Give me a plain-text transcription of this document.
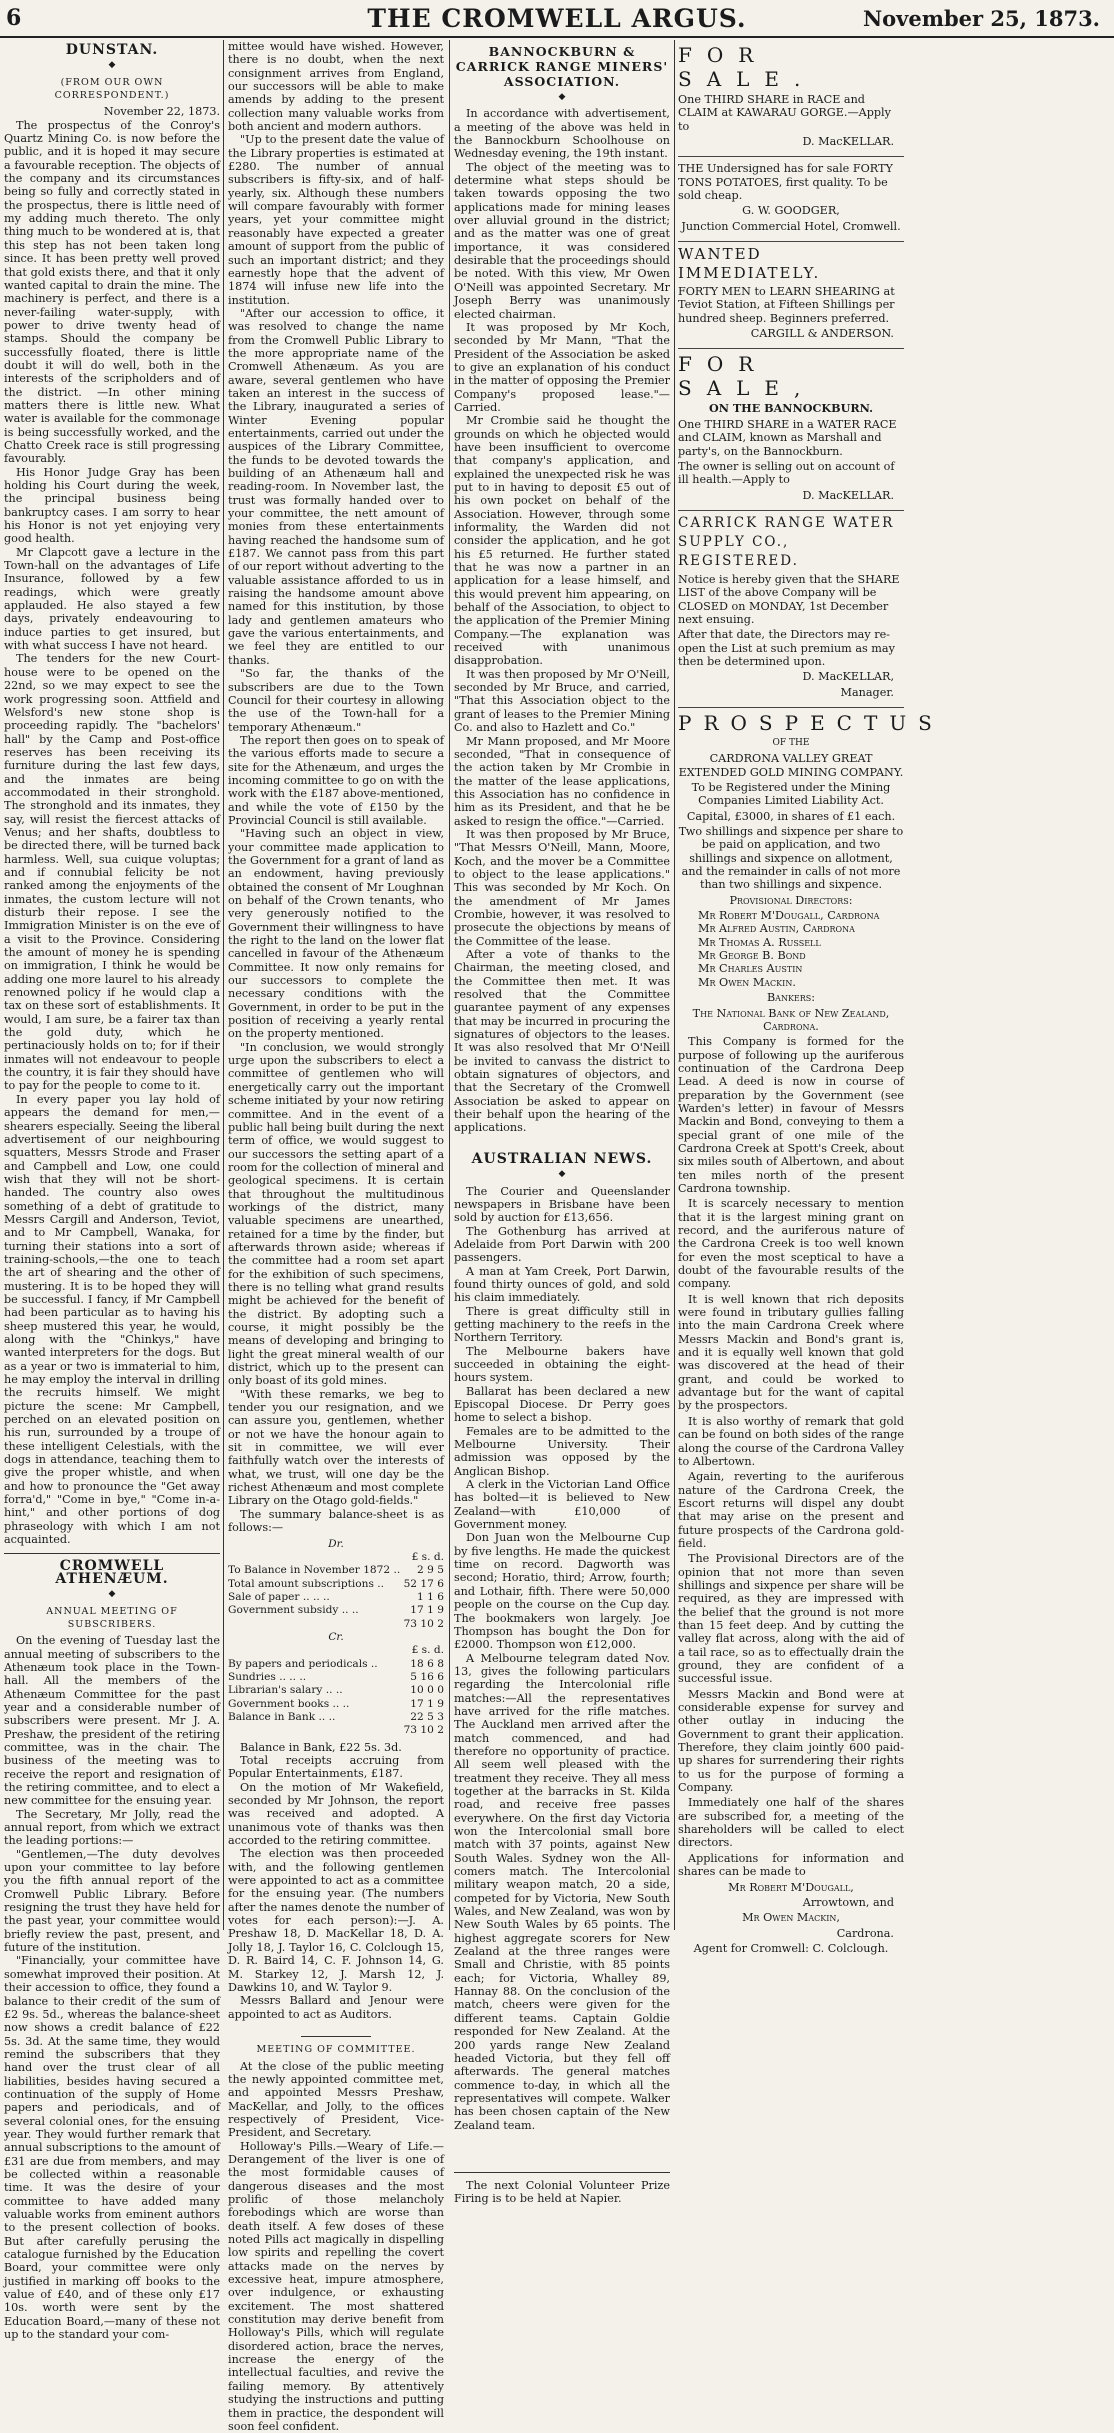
6	THE CROMWELL ARGUS.	November 25, 1873.
DUNSTAN.
◆
(FROM OUR OWN CORRESPONDENT.)

November 22, 1873.

The prospectus of the Conroy's Quartz Mining Co. is now before the public, and it is hoped it may secure a favourable reception. The objects of the company and its circumstances being so fully and correctly stated in the prospectus, there is little need of my adding much thereto. The only thing much to be wondered at is, that this step has not been taken long since. It has been pretty well proved that gold exists there, and that it only wanted capital to drain the mine. The machinery is perfect, and there is a never-failing water-supply, with power to drive twenty head of stamps. Should the company be successfully floated, there is little doubt it will do well, both in the interests of the scripholders and of the district. —In other mining matters there is little new. What water is available for the commonage is being successfully worked, and the Chatto Creek race is still progressing favourably.

His Honor Judge Gray has been holding his Court during the week, the principal business being bankruptcy cases. I am sorry to hear his Honor is not yet enjoying very good health.

Mr Clapcott gave a lecture in the Town-hall on the advantages of Life Insurance, followed by a few readings, which were greatly applauded. He also stayed a few days, privately endeavouring to induce parties to get insured, but with what success I have not heard.

The tenders for the new Court-house were to be opened on the 22nd, so we may expect to see the work progressing soon. Attfield and Welsford's new stone shop is proceeding rapidly. The "bachelors' hall" by the Camp and Post-office reserves has been receiving its furniture during the last few days, and the inmates are being accommodated in their stronghold. The stronghold and its inmates, they say, will resist the fiercest attacks of Venus; and her shafts, doubtless to be directed there, will be turned back harmless. Well, sua cuique voluptas; and if connubial felicity be not ranked among the enjoyments of the inmates, the custom lecture will not disturb their repose. I see the Immigration Minister is on the eve of a visit to the Province. Considering the amount of money he is spending on immigration, I think he would be adding one more laurel to his already renowned policy if he would clap a tax on these sort of establishments. It would, I am sure, be a fairer tax than the gold duty, which he pertinaciously holds on to; for if their inmates will not endeavour to people the country, it is fair they should have to pay for the people to come to it.

In every paper you lay hold of appears the demand for men,—shearers especially. Seeing the liberal advertisement of our neighbouring squatters, Messrs Strode and Fraser and Campbell and Low, one could wish that they will not be short-handed. The country also owes something of a debt of gratitude to Messrs Cargill and Anderson, Teviot, and to Mr Campbell, Wanaka, for turning their stations into a sort of training-schools,—the one to teach the art of shearing and the other of mustering. It is to be hoped they will be successful. I fancy, if Mr Campbell had been particular as to having his sheep mustered this year, he would, along with the "Chinkys," have wanted interpreters for the dogs. But as a year or two is immaterial to him, he may employ the interval in drilling the recruits himself. We might picture the scene: Mr Campbell, perched on an elevated position on his run, surrounded by a troupe of these intelligent Celestials, with the dogs in attendance, teaching them to give the proper whistle, and when and how to pronounce the "Get away forra'd," "Come in bye," "Come in-a-hint," and other portions of dog phraseology with which I am not acquainted.

CROMWELL ATHENÆUM.
◆
ANNUAL MEETING OF SUBSCRIBERS.

On the evening of Tuesday last the annual meeting of subscribers to the Athenæum took place in the Town-hall. All the members of the Athenæum Committee for the past year and a considerable number of subscribers were present. Mr J. A. Preshaw, the president of the retiring committee, was in the chair. The business of the meeting was to receive the report and resignation of the retiring committee, and to elect a new committee for the ensuing year.

The Secretary, Mr Jolly, read the annual report, from which we extract the leading portions:—

"Gentlemen,—The duty devolves upon your committee to lay before you the fifth annual report of the Cromwell Public Library. Before resigning the trust they have held for the past year, your committee would briefly review the past, present, and future of the institution.

"Financially, your committee have somewhat improved their position. At their accession to office, they found a balance to their credit of the sum of £2 9s. 5d., whereas the balance-sheet now shows a credit balance of £22 5s. 3d. At the same time, they would remind the subscribers that they hand over the trust clear of all liabilities, besides having secured a continuation of the supply of Home papers and periodicals, and of several colonial ones, for the ensuing year. They would further remark that annual subscriptions to the amount of £31 are due from members, and may be collected within a reasonable time. It was the desire of your committee to have added many valuable works from eminent authors to the present collection of books. But after carefully perusing the catalogue furnished by the Education Board, your committee were only justified in marking off books to the value of £40, and of these only £17 10s. worth were sent by the Education Board,—many of these not up to the standard your com-

mittee would have wished. However, there is no doubt, when the next consignment arrives from England, our successors will be able to make amends by adding to the present collection many valuable works from both ancient and modern authors.

"Up to the present date the value of the Library properties is estimated at £280. The number of annual subscribers is fifty-six, and of half-yearly, six. Although these numbers will compare favourably with former years, yet your committee might reasonably have expected a greater amount of support from the public of such an important district; and they earnestly hope that the advent of 1874 will infuse new life into the institution.

"After our accession to office, it was resolved to change the name from the Cromwell Public Library to the more appropriate name of the Cromwell Athenæum. As you are aware, several gentlemen who have taken an interest in the success of the Library, inaugurated a series of Winter Evening popular entertainments, carried out under the auspices of the Library Committee, the funds to be devoted towards the building of an Athenæum hall and reading-room. In November last, the trust was formally handed over to your committee, the nett amount of monies from these entertainments having reached the handsome sum of £187. We cannot pass from this part of our report without adverting to the valuable assistance afforded to us in raising the handsome amount above named for this institution, by those lady and gentlemen amateurs who gave the various entertainments, and we feel they are entitled to our thanks.

"So far, the thanks of the subscribers are due to the Town Council for their courtesy in allowing the use of the Town-hall for a temporary Athenæum."

The report then goes on to speak of the various efforts made to secure a site for the Athenæum, and urges the incoming committee to go on with the work with the £187 above-mentioned, and while the vote of £150 by the Provincial Council is still available.

"Having such an object in view, your committee made application to the Government for a grant of land as an endowment, having previously obtained the consent of Mr Loughnan on behalf of the Crown tenants, who very generously notified to the Government their willingness to have the right to the land on the lower flat cancelled in favour of the Athenæum Committee. It now only remains for our successors to complete the necessary conditions with the Government, in order to be put in the position of receiving a yearly rental on the property mentioned.

"In conclusion, we would strongly urge upon the subscribers to elect a committee of gentlemen who will energetically carry out the important scheme initiated by your now retiring committee. And in the event of a public hall being built during the next term of office, we would suggest to our successors the setting apart of a room for the collection of mineral and geological specimens. It is certain that throughout the multitudinous workings of the district, many valuable specimens are unearthed, retained for a time by the finder, but afterwards thrown aside; whereas if the committee had a room set apart for the exhibition of such specimens, there is no telling what grand results might be achieved for the benefit of the district. By adopting such a course, it might possibly be the means of developing and bringing to light the great mineral wealth of our district, which up to the present can only boast of its gold mines.

"With these remarks, we beg to tender you our resignation, and we can assure you, gentlemen, whether or not we have the honour again to sit in committee, we will ever faithfully watch over the interests of what, we trust, will one day be the richest Athenæum and most complete Library on the Otago gold-fields."

The summary balance-sheet is as follows:—

Dr.
£ s. d.
To Balance in November 1872 .. 2 9 5
Total amount subscriptions .. 52 17 6
Sale of paper .. .. ..	1 1 6
Government subsidy .. ..	17 1 9
73 10 2
Cr.
£ s. d.
By papers and periodicals ..	18 6 8
Sundries .. .. ..	5 16 6
Librarian's salary .. ..	10 0 0
Government books .. ..	17 1 9
Balance in Bank .. ..	22 5 3
73 10 2

Balance in Bank, £22 5s. 3d.

Total receipts accruing from Popular Entertainments, £187.

On the motion of Mr Wakefield, seconded by Mr Johnson, the report was received and adopted. A unanimous vote of thanks was then accorded to the retiring committee.

The election was then proceeded with, and the following gentlemen were appointed to act as a committee for the ensuing year. (The numbers after the names denote the number of votes for each person):—J. A. Preshaw 18, D. MacKellar 18, D. A. Jolly 18, J. Taylor 16, C. Colclough 15, D. R. Baird 14, C. F. Johnson 14, G. M. Starkey 12, J. Marsh 12, J. Dawkins 10, and W. Taylor 9.

Messrs Ballard and Jenour were appointed to act as Auditors.

MEETING OF COMMITTEE.

At the close of the public meeting the newly appointed committee met, and appointed Messrs Preshaw, MacKellar, and Jolly, to the offices respectively of President, Vice-President, and Secretary.

Holloway's Pills.—Weary of Life.—Derangement of the liver is one of the most formidable causes of dangerous diseases and the most prolific of those melancholy forebodings which are worse than death itself. A few doses of these noted Pills act magically in dispelling low spirits and repelling the covert attacks made on the nerves by excessive heat, impure atmosphere, over indulgence, or exhausting excitement. The most shattered constitution may derive benefit from Holloway's Pills, which will regulate disordered action, brace the nerves, increase the energy of the intellectual faculties, and revive the failing memory. By attentively studying the instructions and putting them in practice, the despondent will soon feel confident.

BANNOCKBURN & CARRICK RANGE MINERS' ASSOCIATION.
◆

In accordance with advertisement, a meeting of the above was held in the Bannockburn Schoolhouse on Wednesday evening, the 19th instant.

The object of the meeting was to determine what steps should be taken towards opposing the two applications made for mining leases over alluvial ground in the district; and as the matter was one of great importance, it was considered desirable that the proceedings should be noted. With this view, Mr Owen O'Neill was appointed Secretary. Mr Joseph Berry was unanimously elected chairman.

It was proposed by Mr Koch, seconded by Mr Mann, "That the President of the Association be asked to give an explanation of his conduct in the matter of opposing the Premier Company's proposed lease."—Carried.

Mr Crombie said he thought the grounds on which he objected would have been insufficient to overcome that company's application, and explained the unexpected risk he was put to in having to deposit £5 out of his own pocket on behalf of the Association. However, through some informality, the Warden did not consider the application, and he got his £5 returned. He further stated that he was now a partner in an application for a lease himself, and this would prevent him appearing, on behalf of the Association, to object to the application of the Premier Mining Company.—The explanation was received with unanimous disapprobation.

It was then proposed by Mr O'Neill, seconded by Mr Bruce, and carried, "That this Association object to the grant of leases to the Premier Mining Co. and also to Hazlett and Co."

Mr Mann proposed, and Mr Moore seconded, "That in consequence of the action taken by Mr Crombie in the matter of the lease applications, this Association has no confidence in him as its President, and that he be asked to resign the office."—Carried.

It was then proposed by Mr Bruce, "That Messrs O'Neill, Mann, Moore, Koch, and the mover be a Committee to object to the lease applications." This was seconded by Mr Koch. On the amendment of Mr James Crombie, however, it was resolved to prosecute the objections by means of the Committee of the lease.

After a vote of thanks to the Chairman, the meeting closed, and the Committee then met. It was resolved that the Committee guarantee payment of any expenses that may be incurred in procuring the signatures of objectors to the leases. It was also resolved that Mr O'Neill be invited to canvass the district to obtain signatures of objectors, and that the Secretary of the Cromwell Association be asked to appear on their behalf upon the hearing of the applications.

AUSTRALIAN NEWS.
◆

The Courier and Queenslander newspapers in Brisbane have been sold by auction for £13,656.

The Gothenburg has arrived at Adelaide from Port Darwin with 200 passengers.

A man at Yam Creek, Port Darwin, found thirty ounces of gold, and sold his claim immediately.

There is great difficulty still in getting machinery to the reefs in the Northern Territory.

The Melbourne bakers have succeeded in obtaining the eight-hours system.

Ballarat has been declared a new Episcopal Diocese. Dr Perry goes home to select a bishop.

Females are to be admitted to the Melbourne University. Their admission was opposed by the Anglican Bishop.

A clerk in the Victorian Land Office has bolted—it is believed to New Zealand—with £10,000 of Government money.

Don Juan won the Melbourne Cup by five lengths. He made the quickest time on record. Dagworth was second; Horatio, third; Arrow, fourth; and Lothair, fifth. There were 50,000 people on the course on the Cup day. The bookmakers won largely. Joe Thompson has bought the Don for £2000. Thompson won £12,000.

A Melbourne telegram dated Nov. 13, gives the following particulars regarding the Intercolonial rifle matches:—All the representatives have arrived for the rifle matches. The Auckland men arrived after the match commenced, and had therefore no opportunity of practice. All seem well pleased with the treatment they receive. They all mess together at the barracks in St. Kilda road, and receive free passes everywhere. On the first day Victoria won the Intercolonial small bore match with 37 points, against New South Wales. Sydney won the All-comers match. The Intercolonial military weapon match, 20 a side, competed for by Victoria, New South Wales, and New Zealand, was won by New South Wales by 65 points. The highest aggregate scorers for New Zealand at the three ranges were Small and Christie, with 85 points each; for Victoria, Whalley 89, Hannay 88. On the conclusion of the match, cheers were given for the different teams. Captain Goldie responded for New Zealand. At the 200 yards range New Zealand headed Victoria, but they fell off afterwards. The general matches commence to-day, in which all the representatives will compete. Walker has been chosen captain of the New Zealand team.

The next Colonial Volunteer Prize Firing is to be held at Napier.

FOR SALE.

One THIRD SHARE in RACE and CLAIM at KAWARAU GORGE.—Apply to

D. MacKELLAR.

THE Undersigned has for sale FORTY TONS POTATOES, first quality. To be sold cheap.

G. W. GOODGER,

Junction Commercial Hotel, Cromwell.

WANTED IMMEDIATELY.

FORTY MEN to LEARN SHEARING at Teviot Station, at Fifteen Shillings per hundred sheep. Beginners preferred.

CARGILL & ANDERSON.

FOR SALE,

ON THE BANNOCKBURN.

One THIRD SHARE in a WATER RACE and CLAIM, known as Marshall and party's, on the Bannockburn.

The owner is selling out on account of ill health.—Apply to

D. MacKELLAR.

CARRICK RANGE WATER SUPPLY CO., REGISTERED.

Notice is hereby given that the SHARE LIST of the above Company will be CLOSED on MONDAY, 1st December next ensuing.

After that date, the Directors may re-open the List at such premium as may then be determined upon.

D. MacKELLAR,

Manager.

PROSPECTUS

OF THE

CARDRONA VALLEY GREAT EXTENDED GOLD MINING COMPANY.

To be Registered under the Mining Companies Limited Liability Act.

Capital, £3000, in shares of £1 each.

Two shillings and sixpence per share to be paid on application, and two shillings and sixpence on allotment, and the remainder in calls of not more than two shillings and sixpence.

Provisional Directors:

Mr Robert M'Dougall, Cardrona
Mr Alfred Austin, Cardrona
Mr Thomas A. Russell
Mr George B. Bond
Mr Charles Austin
Mr Owen Mackin.

Bankers:

The National Bank of New Zealand, Cardrona.

This Company is formed for the purpose of following up the auriferous continuation of the Cardrona Deep Lead. A deed is now in course of preparation by the Government (see Warden's letter) in favour of Messrs Mackin and Bond, conveying to them a special grant of one mile of the Cardrona Creek at Spott's Creek, about six miles south of Albertown, and about ten miles north of the present Cardrona township.

It is scarcely necessary to mention that it is the largest mining grant on record, and the auriferous nature of the Cardrona Creek is too well known for even the most sceptical to have a doubt of the favourable results of the company.

It is well known that rich deposits were found in tributary gullies falling into the main Cardrona Creek where Messrs Mackin and Bond's grant is, and it is equally well known that gold was discovered at the head of their grant, and could be worked to advantage but for the want of capital by the prospectors.

It is also worthy of remark that gold can be found on both sides of the range along the course of the Cardrona Valley to Albertown.

Again, reverting to the auriferous nature of the Cardrona Creek, the Escort returns will dispel any doubt that may arise on the present and future prospects of the Cardrona gold-field.

The Provisional Directors are of the opinion that not more than seven shillings and sixpence per share will be required, as they are impressed with the belief that the ground is not more than 15 feet deep. And by cutting the valley flat across, along with the aid of a tail race, so as to effectually drain the ground, they are confident of a successful issue.

Messrs Mackin and Bond were at considerable expense for survey and other outlay in inducing the Government to grant their application. Therefore, they claim jointly 600 paid-up shares for surrendering their rights to us for the purpose of forming a Company.

Immediately one half of the shares are subscribed for, a meeting of the shareholders will be called to elect directors.

Applications for information and shares can be made to

Mr Robert M'Dougall,

Arrowtown, and

Mr Owen Mackin,

Cardrona.

Agent for Cromwell: C. Colclough.
